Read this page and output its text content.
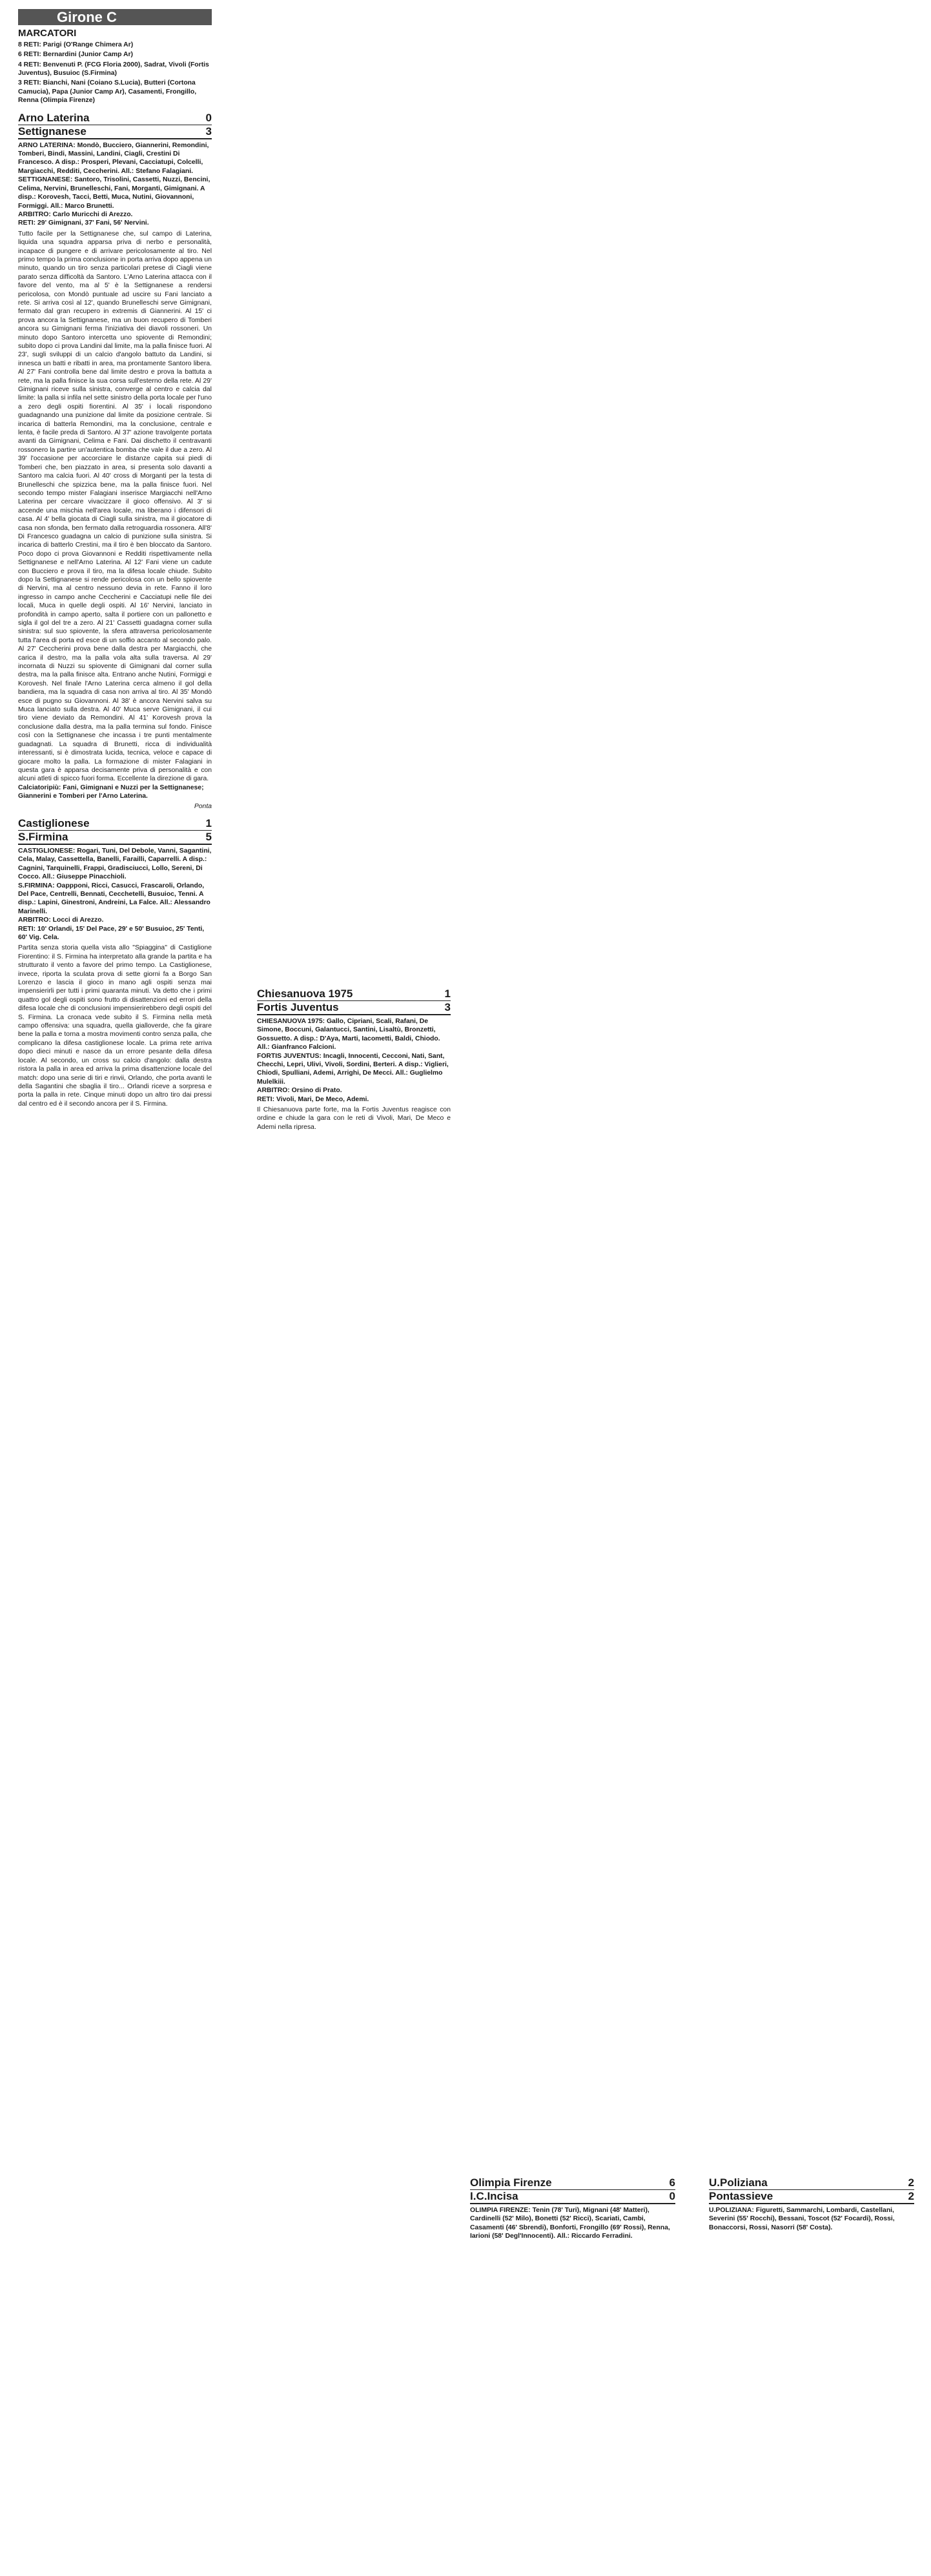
Girone C
MARCATORI

8 RETI: Parigi (O'Range Chimera Ar)

6 RETI: Bernardini (Junior Camp Ar)

4 RETI: Benvenuti P. (FCG Floria 2000), Sadrat, Vivoli (Fortis Juventus), Busuioc (S.Firmina)

3 RETI: Bianchi, Nani (Coiano S.Lucia), Butteri (Cortona Camucia), Papa (Junior Camp Ar), Casamenti, Frongillo, Renna (Olimpia Firenze)

Arno Laterina	0
Settignanese	3

ARNO LATERINA: Mondò, Bucciero, Giannerini, Remondini, Tomberi, Bindi, Massini, Landini, Ciagli, Crestini Di Francesco. A disp.: Prosperi, Plevani, Cacciatupi, Colcelli, Margiacchi, Redditi, Ceccherini. All.: Stefano Falagiani.

SETTIGNANESE: Santoro, Trisolini, Cassetti, Nuzzi, Bencini, Celima, Nervini, Brunelleschi, Fani, Morganti, Gimignani. A disp.: Korovesh, Tacci, Betti, Muca, Nutini, Giovannoni, Formiggi. All.: Marco Brunetti.

ARBITRO: Carlo Muricchi di Arezzo.

RETI: 29' Gimignani, 37' Fani, 56' Nervini.

Tutto facile per la Settignanese che, sul campo di Laterina, liquida una squadra apparsa priva di nerbo e personalità, incapace di pungere e di arrivare pericolosamente al tiro. Nel primo tempo la prima conclusione in porta arriva dopo appena un minuto, quando un tiro senza particolari pretese di Ciagli viene parato senza difficoltà da Santoro. L'Arno Laterina attacca con il favore del vento, ma al 5' è la Settignanese a rendersi pericolosa, con Mondò puntuale ad uscire su Fani lanciato a rete. Si arriva così al 12', quando Brunelleschi serve Gimignani, fermato dal gran recupero in extremis di Giannerini. Al 15' ci prova ancora la Settignanese, ma un buon recupero di Tomberi ancora su Gimignani ferma l'iniziativa dei diavoli rossoneri. Un minuto dopo Santoro intercetta uno spiovente di Remondini; subito dopo ci prova Landini dal limite, ma la palla finisce fuori. Al 23', sugli sviluppi di un calcio d'angolo battuto da Landini, si innesca un batti e ribatti in area, ma prontamente Santoro libera. Al 27' Fani controlla bene dal limite destro e prova la battuta a rete, ma la palla finisce la sua corsa sull'esterno della rete. Al 29' Gimignani riceve sulla sinistra, converge al centro e calcia dal limite: la palla si infila nel sette sinistro della porta locale per l'uno a zero degli ospiti fiorentini. Al 35' i locali rispondono guadagnando una punizione dal limite da posizione centrale. Si incarica di batterla Remondini, ma la conclusione, centrale e lenta, è facile preda di Santoro. Al 37' azione travolgente portata avanti da Gimignani, Celima e Fani. Dai dischetto il centravanti rossonero la partire un'autentica bomba che vale il due a zero. Al 39' l'occasione per accorciare le distanze capita sui piedi di Tomberi che, ben piazzato in area, si presenta solo davanti a Santoro ma calcia fuori. Al 40' cross di Morganti per la testa di Brunelleschi che spizzica bene, ma la palla finisce fuori. Nel secondo tempo mister Falagiani inserisce Margiacchi nell'Arno Laterina per cercare vivacizzare il gioco offensivo. Al 3' si accende una mischia nell'area locale, ma liberano i difensori di casa. Al 4' bella giocata di Ciagli sulla sinistra, ma il giocatore di casa non sfonda, ben fermato dalla retroguardia rossonera. All'8' Di Francesco guadagna un calcio di punizione sulla sinistra. Si incarica di batterlo Crestini, ma il tiro è ben bloccato da Santoro. Poco dopo ci prova Giovannoni e Redditi rispettivamente nella Settignanese e nell'Arno Laterina. Al 12' Fani viene un cadute con Bucciero e prova il tiro, ma la difesa locale chiude. Subito dopo la Settignanese si rende pericolosa con un bello spiovente di Nervini, ma al centro nessuno devia in rete. Fanno il loro ingresso in campo anche Ceccherini e Cacciatupi nelle file dei locali, Muca in quelle degli ospiti. Al 16' Nervini, lanciato in profondità in campo aperto, salta il portiere con un pallonetto e sigla il gol del tre a zero. Al 21' Cassetti guadagna corner sulla sinistra: sul suo spiovente, la sfera attraversa pericolosamente tutta l'area di porta ed esce di un soffio accanto al secondo palo. Al 27' Ceccherini prova bene dalla destra per Margiacchi, che carica il destro, ma la palla vola alta sulla traversa. Al 29' incornata di Nuzzi su spiovente di Gimignani dal corner sulla destra, ma la palla finisce alta. Entrano anche Nutini, Formiggi e Korovesh. Nel finale l'Arno Laterina cerca almeno il gol della bandiera, ma la squadra di casa non arriva al tiro. Al 35' Mondò esce di pugno su Giovannoni. Al 38' è ancora Nervini salva su Muca lanciato sulla destra. Al 40' Muca serve Gimignani, il cui tiro viene deviato da Remondini. Al 41' Korovesh prova la conclusione dalla destra, ma la palla termina sul fondo. Finisce così con la Settignanese che incassa i tre punti mentalmente guadagnati. La squadra di Brunetti, ricca di individualità interessanti, si è dimostrata lucida, tecnica, veloce e capace di giocare molto la palla. La formazione di mister Falagiani in questa gara è apparsa decisamente priva di personalità e con alcuni atleti di spicco fuori forma. Eccellente la direzione di gara.

Calciatoripiù: Fani, Gimignani e Nuzzi per la Settignanese; Giannerini e Tomberi per l'Arno Laterina.

Ponta

Castiglionese	1
S.Firmina	5

CASTIGLIONESE: Rogari, Tuni, Del Debole, Vanni, Sagantini, Cela, Malay, Cassettella, Banelli, Farailli, Caparrelli. A disp.: Cagnini, Tarquinelli, Frappi, Gradisciucci, Lollo, Sereni, Di Cocco. All.: Giuseppe Pinacchioli.

S.FIRMINA: Oappponi, Ricci, Casucci, Frascaroli, Orlando, Del Pace, Centrelli, Bennati, Cecchetelli, Busuioc, Tenni. A disp.: Lapini, Ginestroni, Andreini, La Falce. All.: Alessandro Marinelli.

ARBITRO: Locci di Arezzo.

RETI: 10' Orlandi, 15' Del Pace, 29' e 50' Busuioc, 25' Tenti, 60' Vig. Cela.

Partita senza storia quella vista allo "Spiaggina" di Castiglione Fiorentino: il S. Firmina ha interpretato alla grande la partita e ha strutturato il vento a favore del primo tempo. La Castiglionese, invece, riporta la sculata prova di sette giorni fa a Borgo San Lorenzo e lascia il gioco in mano agli ospiti senza mai impensierirli per tutti i primi quaranta minuti. Va detto che i primi quattro gol degli ospiti sono frutto di disattenzioni ed errori della difesa locale che di conclusioni impensierirebbero degli ospiti del S. Firmina. La cronaca vede subito il S. Firmina nella metà campo offensiva: una squadra, quella gialloverde, che fa girare bene la palla e torna a mostra movimenti contro senza palla, che complicano la difesa castiglionese locale. La prima rete arriva dopo dieci minuti e nasce da un errore pesante della difesa locale. Al secondo, un cross su calcio d'angolo: dalla destra ristora la palla in area ed arriva la prima disattenzione locale del match: dopo una serie di tiri e rinvii, Orlando, che porta avanti le della Sagantini che sbaglia il tiro... Orlandi riceve a sorpresa e porta la palla in rete. Cinque minuti dopo un altro tiro dai pressi dal centro ed è il secondo ancora per il S. Firmina.

Chiesanuova 1975	1
Fortis Juventus	3

CHIESANUOVA 1975: Gallo, Cipriani, Scali, Rafani, De Simone, Boccuni, Galantucci, Santini, Lisaltù, Bronzetti, Gossuetto. A disp.: D'Aya, Marti, Iacometti, Baldi, Chiodo. All.: Gianfranco Falcioni.

FORTIS JUVENTUS: Incagli, Innocenti, Cecconi, Nati, Sant, Checchi, Lepri, Ulivi, Vivoli, Sordini, Berteri. A disp.: Viglieri, Chiodi, Spulliani, Ademi, Arrighi, De Mecci. All.: Guglielmo Mulelkiii.

ARBITRO: Orsino di Prato.

RETI: Vivoli, Mari, De Meco, Ademi.

Il Chiesanuova parte forte, ma la Fortis Juventus reagisce con ordine e chiude la gara con le reti di Vivoli, Mari, De Meco e Ademi nella ripresa.

Olimpia Firenze	6
I.C.Incisa	0

OLIMPIA FIRENZE: Tenin (78' Turi), Mignani (48' Matteri), Cardinelli (52' Milo), Bonetti (52' Ricci), Scariati, Cambi, Casamenti (46' Sbrendi), Bonforti, Frongillo (69' Rossi), Renna, Iarioni (58' Degl'Innocenti). All.: Riccardo Ferradini.

U.Poliziana	2
Pontassieve	2

U.POLIZIANA: Figuretti, Sammarchi, Lombardi, Castellani, Severini (55' Rocchi), Bessani, Toscot (52' Focardi), Rossi, Bonaccorsi, Rossi, Nasorri (58' Costa).
